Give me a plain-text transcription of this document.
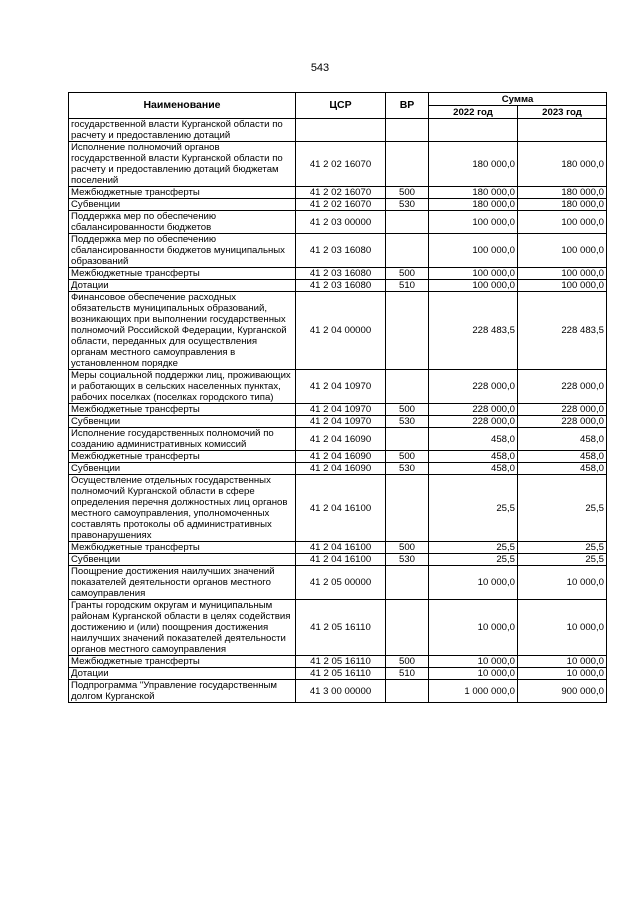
543
Наименование	ЦСР	ВР	Сумма	
			2022 год	2023 год
государственной власти Курганской области по расчету и предоставлению дотаций				
Исполнение полномочий органов государственной власти Курганской области по расчету и предоставлению дотаций бюджетам поселений	41 2 02 16070		180 000,0	180 000,0
Межбюджетные трансферты	41 2 02 16070	500	180 000,0	180 000,0
Субвенции	41 2 02 16070	530	180 000,0	180 000,0
Поддержка мер по обеспечению сбалансированности бюджетов	41 2 03 00000		100 000,0	100 000,0
Поддержка мер по обеспечению сбалансированности бюджетов муниципальных образований	41 2 03 16080		100 000,0	100 000,0
Межбюджетные трансферты	41 2 03 16080	500	100 000,0	100 000,0
Дотации	41 2 03 16080	510	100 000,0	100 000,0
Финансовое обеспечение расходных обязательств муниципальных образований, возникающих при выполнении государственных полномочий Российской Федерации, Курганской области, переданных для осуществления органам местного самоуправления в установленном порядке	41 2 04 00000		228 483,5	228 483,5
Меры социальной поддержки лиц, проживающих и работающих в сельских населенных пунктах, рабочих поселках (поселках городского типа)	41 2 04 10970		228 000,0	228 000,0
Межбюджетные трансферты	41 2 04 10970	500	228 000,0	228 000,0
Субвенции	41 2 04 10970	530	228 000,0	228 000,0
Исполнение государственных полномочий по созданию административных комиссий	41 2 04 16090		458,0	458,0
Межбюджетные трансферты	41 2 04 16090	500	458,0	458,0
Субвенции	41 2 04 16090	530	458,0	458,0
Осуществление отдельных государственных полномочий Курганской области в сфере определения перечня должностных лиц органов местного самоуправления, уполномоченных составлять протоколы об административных правонарушениях	41 2 04 16100		25,5	25,5
Межбюджетные трансферты	41 2 04 16100	500	25,5	25,5
Субвенции	41 2 04 16100	530	25,5	25,5
Поощрение достижения наилучших значений показателей деятельности органов местного самоуправления	41 2 05 00000		10 000,0	10 000,0
Гранты городским округам и муниципальным районам Курганской области в целях содействия достижению и (или) поощрения достижения наилучших значений показателей деятельности органов местного самоуправления	41 2 05 16110		10 000,0	10 000,0
Межбюджетные трансферты	41 2 05 16110	500	10 000,0	10 000,0
Дотации	41 2 05 16110	510	10 000,0	10 000,0
Подпрограмма "Управление государственным долгом Курганской	41 3 00 00000		1 000 000,0	900 000,0
